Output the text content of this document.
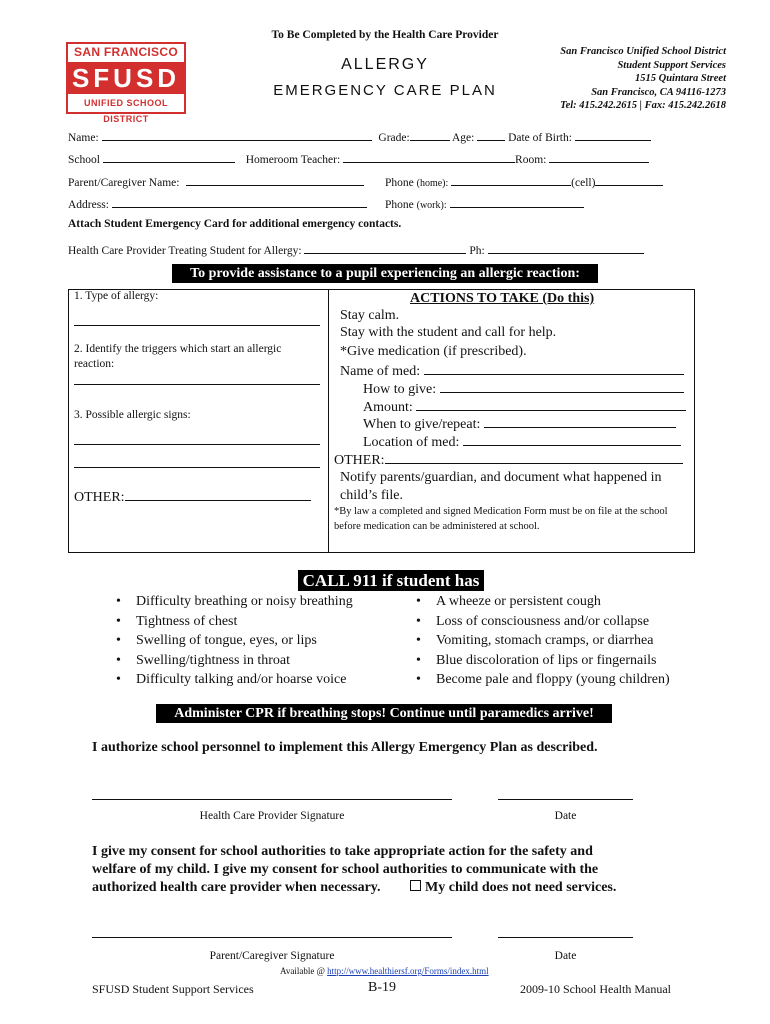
To Be Completed by the Health Care Provider
SAN FRANCISCO
SFUSD
UNIFIED SCHOOL DISTRICT
ALLERGY
EMERGENCY CARE PLAN
San Francisco Unified School District
Student Support Services
1515 Quintara Street
San Francisco, CA 94116-1273
Tel: 415.242.2615 | Fax: 415.242.2618
Name:	Grade:	Age:	Date of Birth:
School	Homeroom Teacher:	Room:
Parent/Caregiver Name:	Phone (home):	(cell)
Address:	Phone (work):
Attach Student Emergency Card for additional emergency contacts.
Health Care Provider Treating Student for Allergy:	Ph:
To provide assistance to a pupil experiencing an allergic reaction:
1. Type of allergy:
2. Identify the triggers which start an allergic reaction:
3. Possible allergic signs:
OTHER:
ACTIONS TO TAKE (Do this)
Stay calm.
Stay with the student and call for help.
*Give medication (if prescribed).
Name of med:
How to give:
Amount:
When to give/repeat:
Location of med:
OTHER:
Notify parents/guardian, and document what happened in child’s file.
*By law a completed and signed Medication Form must be on file at the school before medication can be administered at school.
CALL 911 if student has
• Difficulty breathing or noisy breathing
• Tightness of chest
• Swelling of tongue, eyes, or lips
• Swelling/tightness in throat
• Difficulty talking and/or hoarse voice
• A wheeze or persistent cough
• Loss of consciousness and/or collapse
• Vomiting, stomach cramps, or diarrhea
• Blue discoloration of lips or fingernails
• Become pale and floppy (young children)
Administer CPR if breathing stops! Continue until paramedics arrive!
I authorize school personnel to implement this Allergy Emergency Plan as described.
Health Care Provider Signature	Date
I give my consent for school authorities to take appropriate action for the safety and
welfare of my child. I give my consent for school authorities to communicate with the
authorized health care provider when necessary.	My child does not need services.
Parent/Caregiver Signature	Date
Available @ http://www.healthiersf.org/Forms/index.html
SFUSD Student Support Services	B-19	2009-10 School Health Manual
